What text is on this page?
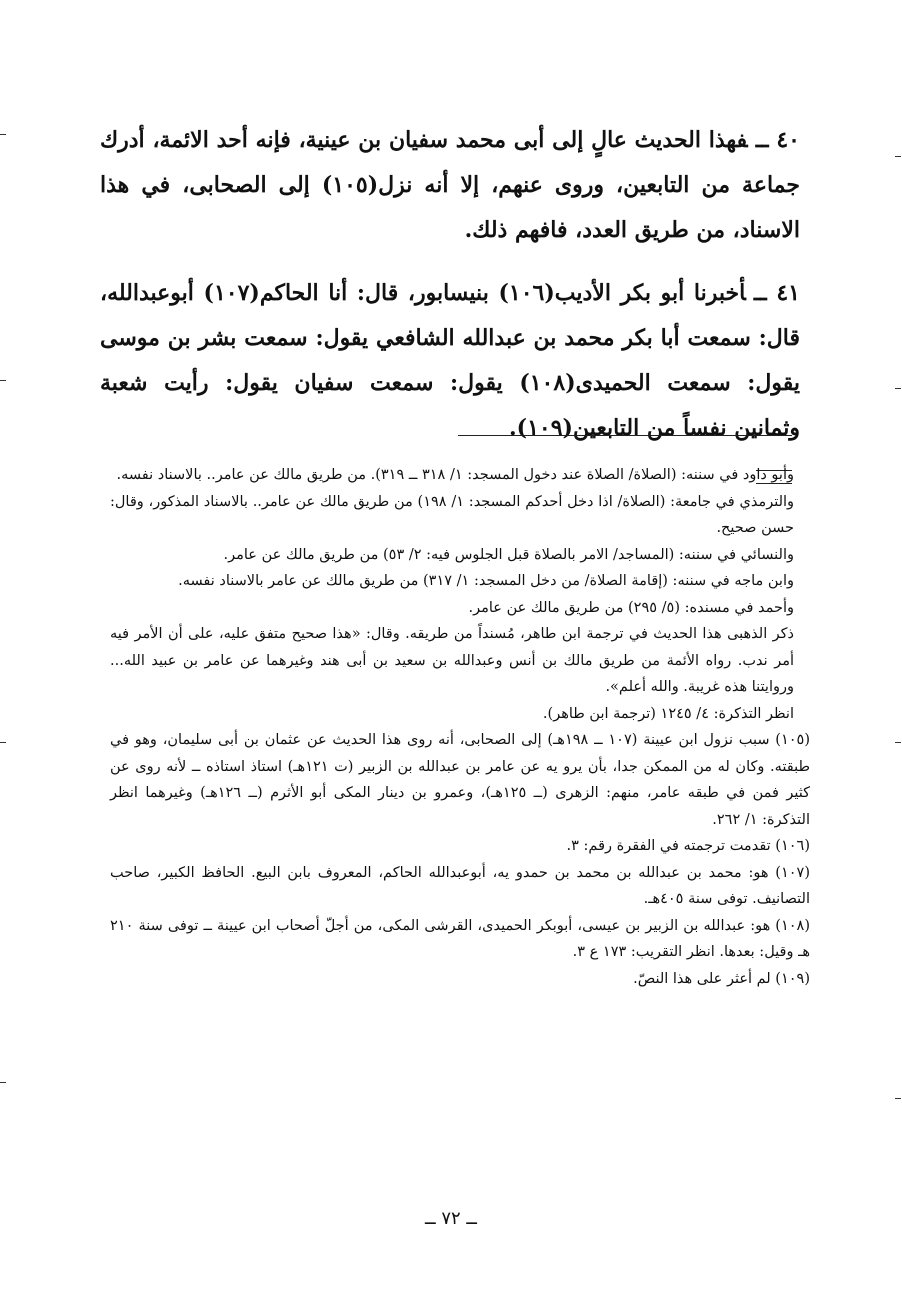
٤٠ ــفهذا الحديث عالٍ إلى أبى محمد سفيان بن عينية، فإنه أحد الائمة، أدرك جماعة من التابعين، وروى عنهم، إلا أنه نزل(١٠٥) إلى الصحابى، في هذا الاسناد، من طريق العدد، فافهم ذلك.

٤١ ــأخبرنا أبو بكر الأديب(١٠٦) بنيسابور، قال: أنا الحاكم(١٠٧) أبوعبدالله، قال: سمعت أبا بكر محمد بن عبدالله الشافعي يقول: سمعت بشر بن موسى يقول: سمعت الحميدى(١٠٨) يقول: سمعت سفيان يقول: رأيت شعبة وثمانين نفساً من التابعين(١٠٩).

وأبو داود في سننه: (الصلاة/ الصلاة عند دخول المسجد: ١/ ٣١٨ ــ ٣١٩). من طريق مالك عن عامر.. بالاسناد نفسه.

والترمذي في جامعة: (الصلاة/ اذا دخل أحدكم المسجد: ١/ ١٩٨) من طريق مالك عن عامر.. بالاسناد المذكور، وقال: حسن صحيح.

والنسائي في سننه: (المساجد/ الامر بالصلاة قبل الجلوس فيه: ٢/ ٥٣) من طريق مالك عن عامر.

وابن ماجه في سننه: (إقامة الصلاة/ من دخل المسجد: ١/ ٣١٧) من طريق مالك عن عامر بالاسناد نفسه.

وأحمد في مسنده: (٥/ ٢٩٥) من طريق مالك عن عامر.

ذكر الذهبى هذا الحديث في ترجمة ابن طاهر، مُسنداً من طريقه. وقال: «هذا صحيح متفق عليه، على أن الأمر فيه أمر ندب. رواه الأئمة من طريق مالك بن أنس وعبدالله بن سعيد بن أبى هند وغيرهما عن عامر بن عبيد الله... وروايتنا هذه غريبة. والله أعلم».

انظر التذكرة: ٤/ ١٢٤٥ (ترجمة ابن طاهر).

(١٠٥) سبب نزول ابن عيينة (١٠٧ ــ ١٩٨هـ) إلى الصحابى، أنه روى هذا الحديث عن عثمان بن أبى سليمان، وهو في طبقته. وكان له من الممكن جدا، بأن يرو يه عن عامر بن عبدالله بن الزبير (ت ١٢١هـ) استاذ استاذه ــ لأنه روى عن كثير فمن في طبقه عامر، منهم: الزهرى (ــ ١٢٥هـ)، وعمرو بن دينار المكى أبو الأثرم (ــ ١٢٦هـ) وغيرهما انظر التذكرة: ١/ ٢٦٢.

(١٠٦) تقدمت ترجمته في الفقرة رقم: ٣.

(١٠٧) هو: محمد بن عبدالله بن محمد بن حمدو يه، أبوعبدالله الحاكم، المعروف بابن البيع. الحافظ الكبير، صاحب التصانيف. توفى سنة ٤٠٥هـ.

(١٠٨) هو: عبدالله بن الزبير بن عيسى، أبوبكر الحميدى، القرشى المكى، من أجلّ أصحاب ابن عيينة ــ توفى سنة ٢١٠ هـ وقيل: بعدها. انظر التقريب: ١٧٣ ع ٣.

(١٠٩) لم أعثر على هذا النصّ.

ــ ٧٢ ــ
